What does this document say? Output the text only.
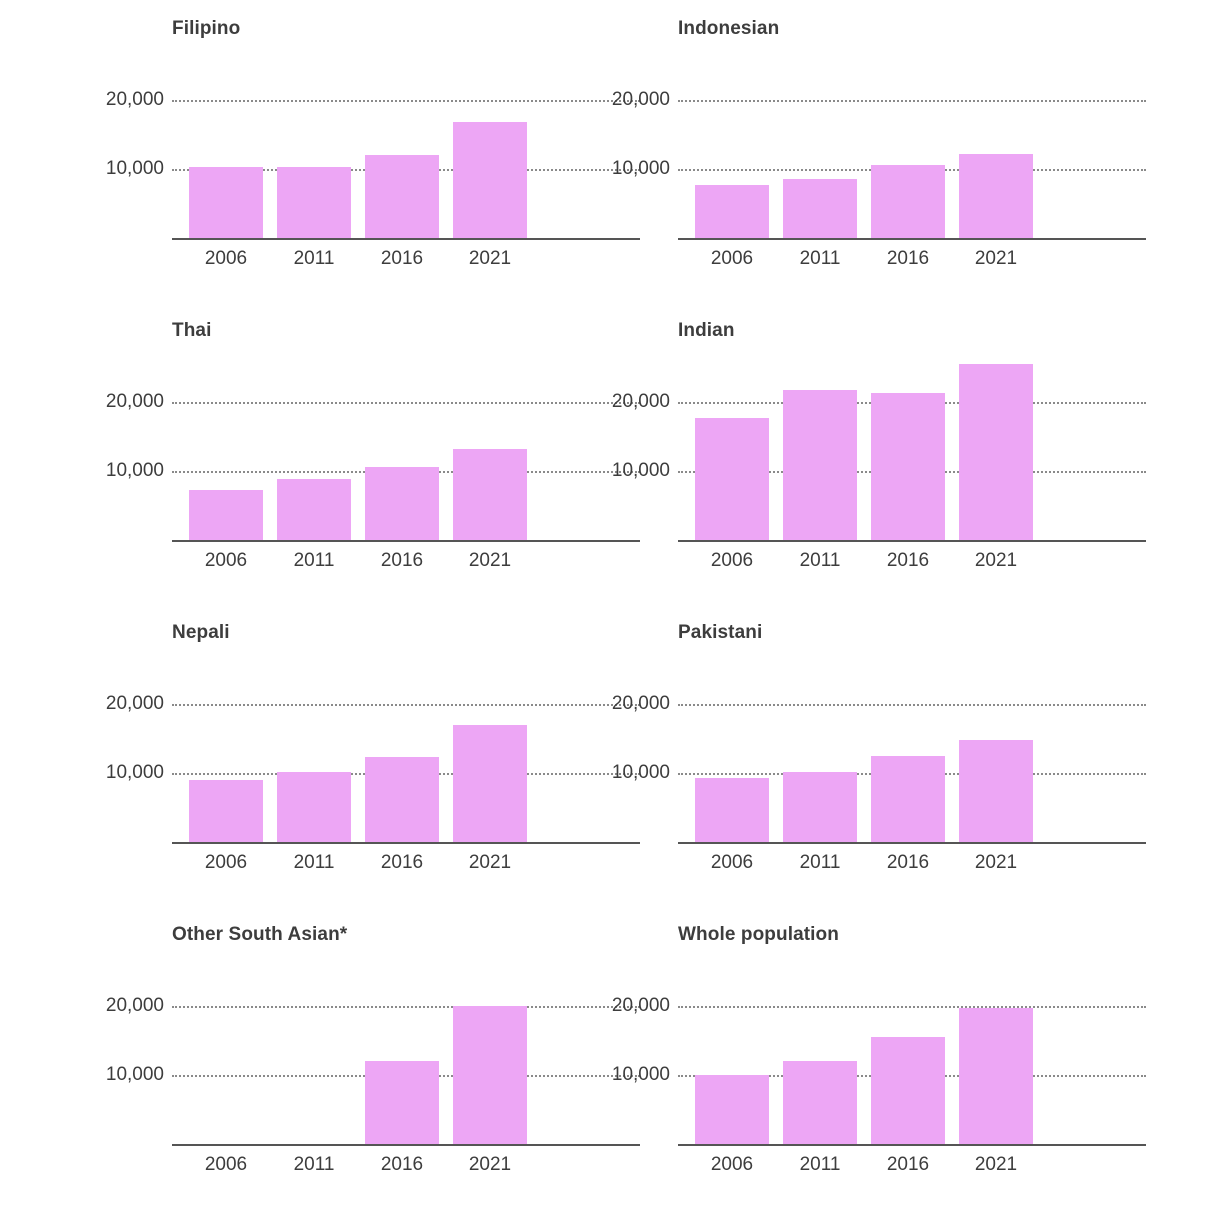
Filipino
10,000
20,000
2006 2011 2016 2021
Indonesian
10,000
20,000
2006 2011 2016 2021
Thai
10,000
20,000
2006 2011 2016 2021
Indian
10,000
20,000
2006 2011 2016 2021
Nepali
10,000
20,000
2006 2011 2016 2021
Pakistani
10,000
20,000
2006 2011 2016 2021
Other South Asian*
10,000
20,000
2006 2011 2016 2021
Whole population
10,000
20,000
2006 2011 2016 2021
